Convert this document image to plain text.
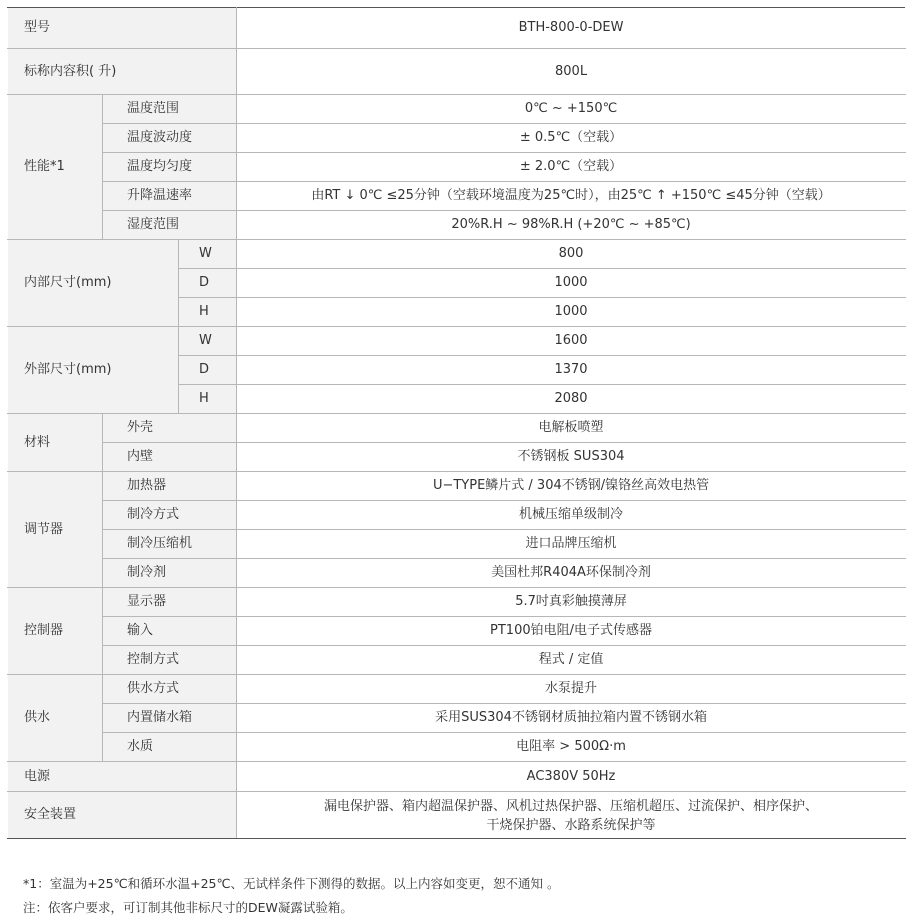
型号			BTH-800-0-DEW
标称内容积( 升)			800L
性能*1	温度范围		0℃ ~ +150℃
	温度波动度		± 0.5℃（空载）
	温度均匀度		± 2.0℃（空载）
	升降温速率		由RT ↓ 0℃ ≤25分钟（空载环境温度为25℃时），由25℃ ↑ +150℃ ≤45分钟（空载）
	湿度范围		20%R.H ~ 98%R.H (+20℃ ~ +85℃)
内部尺寸(mm)		W	800
		D	1000
		H	1000
外部尺寸(mm)		W	1600
		D	1370
		H	2080
材料	外壳		电解板喷塑
	内壁		不锈钢板 SUS304
调节器	加热器		U−TYPE鳞片式 / 304不锈钢/镍铬丝高效电热管
	制冷方式		机械压缩单级制冷
	制冷压缩机		进口品牌压缩机
	制冷剂		美国杜邦R404A环保制冷剂
控制器	显示器		5.7吋真彩触摸薄屏
	输入		PT100铂电阻/电子式传感器
	控制方式		程式 / 定值
供水	供水方式		水泵提升
	内置储水箱		采用SUS304不锈钢材质抽拉箱内置不锈钢水箱
	水质		电阻率 > 500Ω·m
电源			AC380V 50Hz
安全装置			漏电保护器、箱内超温保护器、风机过热保护器、压缩机超压、过流保护、相序保护、
干烧保护器、水路系统保护等
*1：室温为+25℃和循环水温+25℃、无试样条件下测得的数据。以上内容如变更，恕不通知 。
注：依客户要求，可订制其他非标尺寸的DEW凝露试验箱。
